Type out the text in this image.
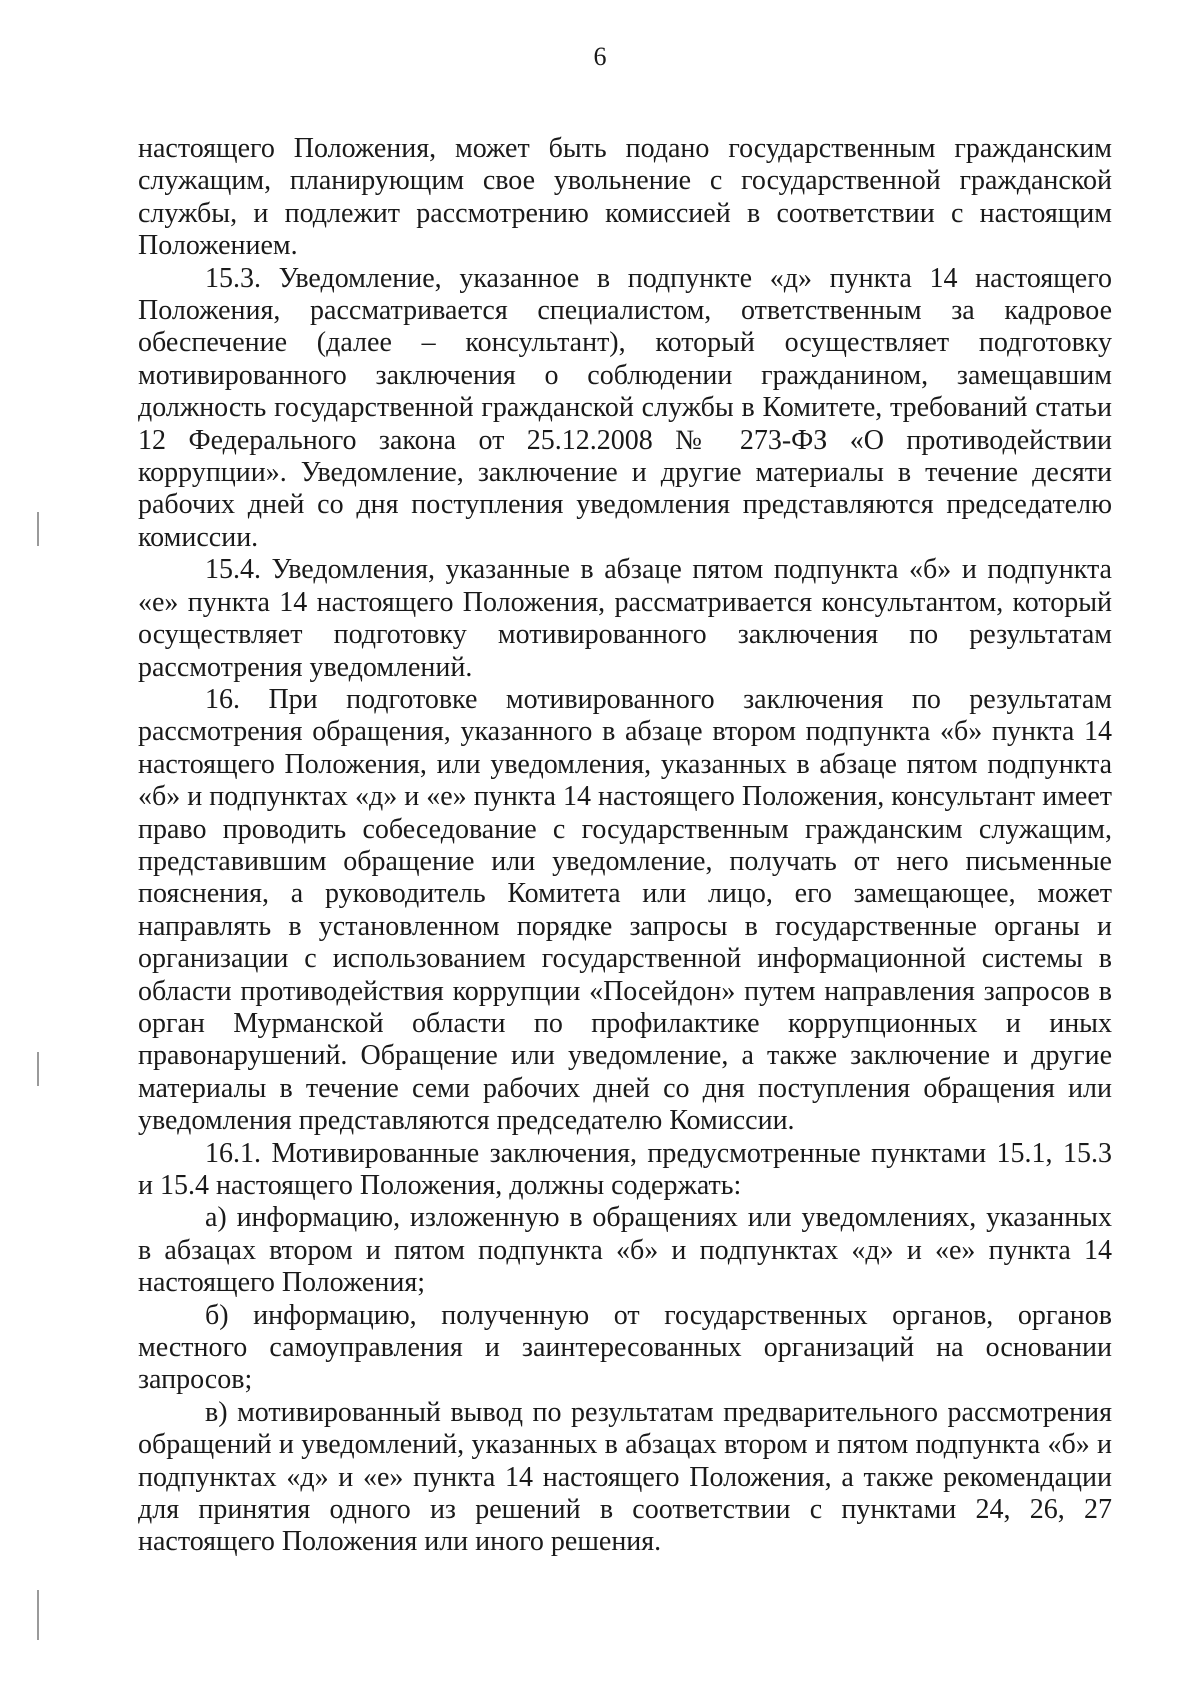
6

настоящего Положения, может быть подано государственным гражданским служащим, планирующим свое увольнение с государственной гражданской службы, и подлежит рассмотрению комиссией в соответствии с настоящим Положением.

15.3. Уведомление, указанное в подпункте «д» пункта 14 настоящего Положения, рассматривается специалистом, ответственным за кадровое обеспечение (далее – консультант), который осуществляет подготовку мотивированного заключения о соблюдении гражданином, замещавшим должность государственной гражданской службы в Комитете, требований статьи 12 Федерального закона от 25.12.2008 № 273-ФЗ «О противодействии коррупции». Уведомление, заключение и другие материалы в течение десяти рабочих дней со дня поступления уведомления представляются председателю комиссии.

15.4. Уведомления, указанные в абзаце пятом подпункта «б» и подпункта «е» пункта 14 настоящего Положения, рассматривается консультантом, который осуществляет подготовку мотивированного заключения по результатам рассмотрения уведомлений.

16. При подготовке мотивированного заключения по результатам рассмотрения обращения, указанного в абзаце втором подпункта «б» пункта 14 настоящего Положения, или уведомления, указанных в абзаце пятом подпункта «б» и подпунктах «д» и «е» пункта 14 настоящего Положения, консультант имеет право проводить собеседование с государственным гражданским служащим, представившим обращение или уведомление, получать от него письменные пояснения, а руководитель Комитета или лицо, его замещающее, может направлять в установленном порядке запросы в государственные органы и организации с использованием государственной информационной системы в области противодействия коррупции «Посейдон» путем направления запросов в орган Мурманской области по профилактике коррупционных и иных правонарушений. Обращение или уведомление, а также заключение и другие материалы в течение семи рабочих дней со дня поступления обращения или уведомления представляются председателю Комиссии.

16.1. Мотивированные заключения, предусмотренные пунктами 15.1, 15.3 и 15.4 настоящего Положения, должны содержать:

а) информацию, изложенную в обращениях или уведомлениях, указанных в абзацах втором и пятом подпункта «б» и подпунктах «д» и «е» пункта 14 настоящего Положения;

б) информацию, полученную от государственных органов, органов местного самоуправления и заинтересованных организаций на основании запросов;

в) мотивированный вывод по результатам предварительного рассмотрения обращений и уведомлений, указанных в абзацах втором и пятом подпункта «б» и подпунктах «д» и «е» пункта 14 настоящего Положения, а также рекомендации для принятия одного из решений в соответствии с пунктами 24, 26, 27 настоящего Положения или иного решения.
